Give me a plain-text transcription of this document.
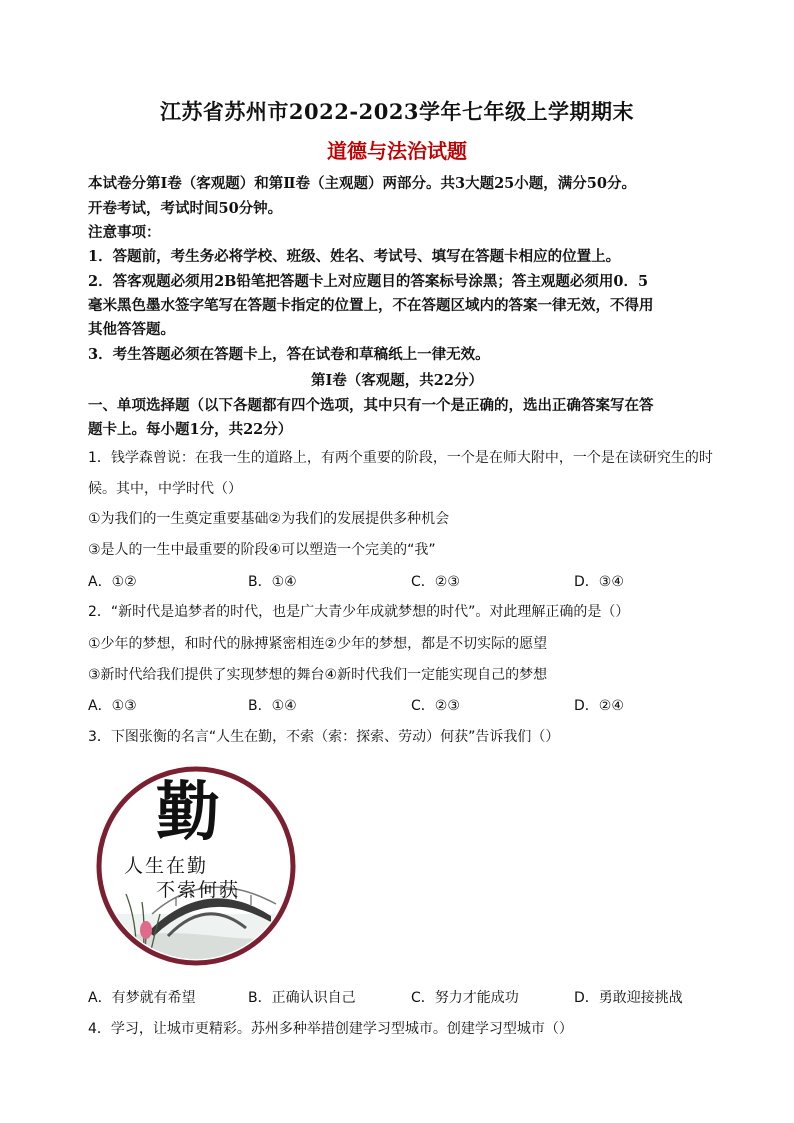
江苏省苏州市2022-2023学年七年级上学期期末
道德与法治试题
本试卷分第Ⅰ卷（客观题）和第Ⅱ卷（主观题）两部分。共3大题25小题，满分50分。
开卷考试，考试时间50分钟。
注意事项：
1．答题前，考生务必将学校、班级、姓名、考试号、填写在答题卡相应的位置上。
2．答客观题必须用2B铅笔把答题卡上对应题目的答案标号涂黑；答主观题必须用0．5
毫米黑色墨水签字笔写在答题卡指定的位置上，不在答题区域内的答案一律无效，不得用
其他答答题。
3．考生答题必须在答题卡上，答在试卷和草稿纸上一律无效。
第Ⅰ卷（客观题，共22分）
一、单项选择题（以下各题都有四个选项，其中只有一个是正确的，选出正确答案写在答
题卡上。每小题1分，共22分）
1．钱学森曾说：在我一生的道路上，有两个重要的阶段，一个是在师大附中，一个是在读研究生的时
候。其中，中学时代（）
①为我们的一生奠定重要基础②为我们的发展提供多种机会
③是人的一生中最重要的阶段④可以塑造一个完美的“我”
A．①②	B．①④	C．②③	D．③④
2．“新时代是追梦者的时代，也是广大青少年成就梦想的时代”。对此理解正确的是（）
①少年的梦想，和时代的脉搏紧密相连②少年的梦想，都是不切实际的愿望
③新时代给我们提供了实现梦想的舞台④新时代我们一定能实现自己的梦想
A．①③	B．①④	C．②③	D．②④
3．下图张衡的名言“人生在勤，不索（索：探索、劳动）何获”告诉我们（）
勤
人生在勤
不索何获
A．有梦就有希望	B．正确认识自己	C．努力才能成功	D．勇敢迎接挑战
4．学习，让城市更精彩。苏州多种举措创建学习型城市。创建学习型城市（）
